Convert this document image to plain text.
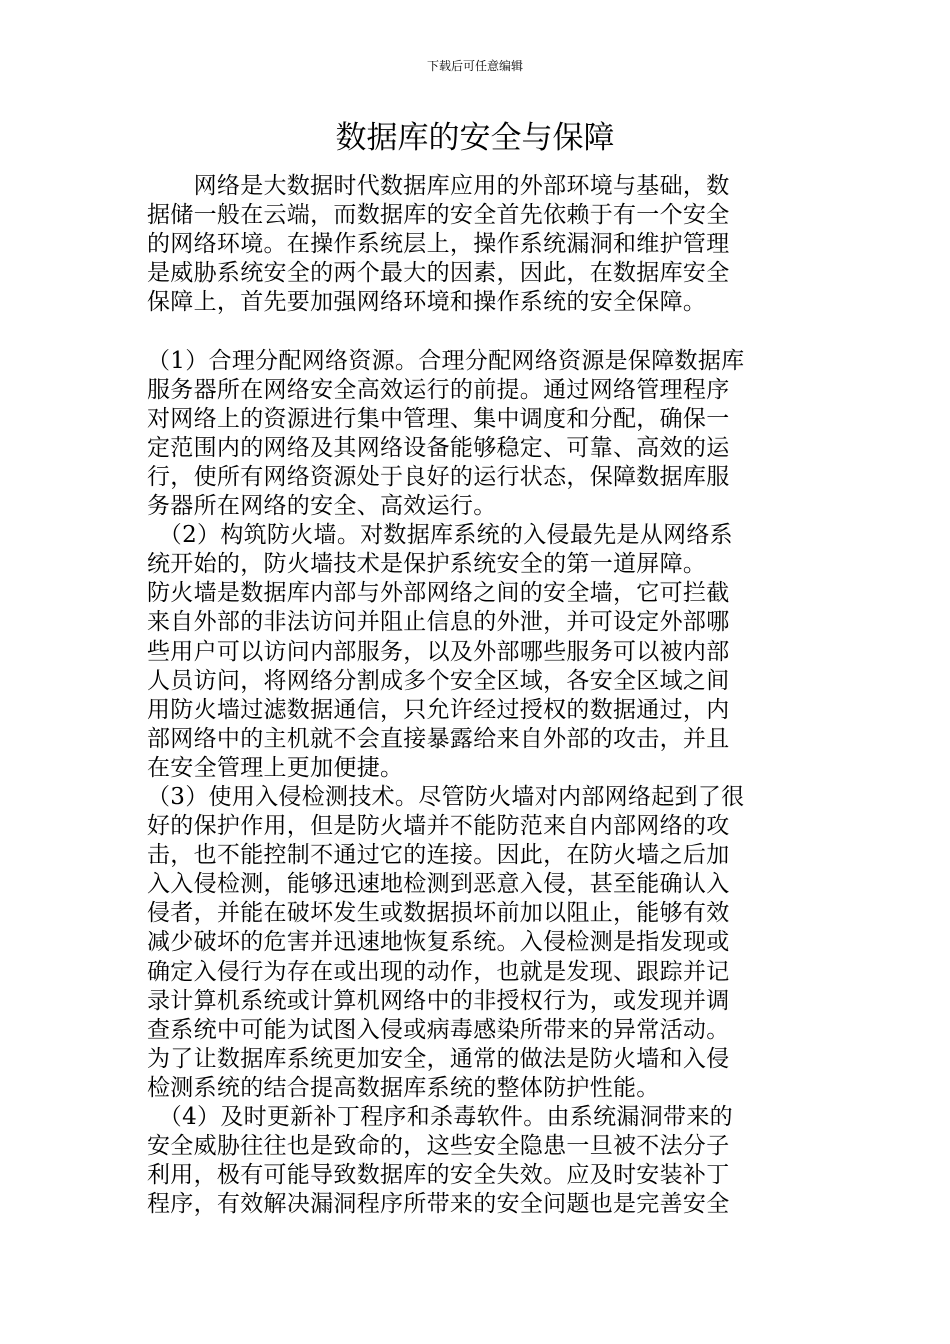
下载后可任意编辑
数据库的安全与保障
　　网络是大数据时代数据库应用的外部环境与基础，数
据储一般在云端，而数据库的安全首先依赖于有一个安全
的网络环境。在操作系统层上，操作系统漏洞和维护管理
是威胁系统安全的两个最大的因素，因此，在数据库安全
保障上，首先要加强网络环境和操作系统的安全保障。
（1）合理分配网络资源。合理分配网络资源是保障数据库
服务器所在网络安全高效运行的前提。通过网络管理程序
对网络上的资源进行集中管理、集中调度和分配，确保一
定范围内的网络及其网络设备能够稳定、可靠、高效的运
行，使所有网络资源处于良好的运行状态，保障数据库服
务器所在网络的安全、高效运行。
　（2）构筑防火墙。对数据库系统的入侵最先是从网络系
统开始的，防火墙技术是保护系统安全的第一道屏障。
防火墙是数据库内部与外部网络之间的安全墙，它可拦截
来自外部的非法访问并阻止信息的外泄，并可设定外部哪
些用户可以访问内部服务，以及外部哪些服务可以被内部
人员访问，将网络分割成多个安全区域，各安全区域之间
用防火墙过滤数据通信，只允许经过授权的数据通过，内
部网络中的主机就不会直接暴露给来自外部的攻击，并且
在安全管理上更加便捷。
（3）使用入侵检测技术。尽管防火墙对内部网络起到了很
好的保护作用，但是防火墙并不能防范来自内部网络的攻
击，也不能控制不通过它的连接。因此，在防火墙之后加
入入侵检测，能够迅速地检测到恶意入侵，甚至能确认入
侵者，并能在破坏发生或数据损坏前加以阻止，能够有效
减少破坏的危害并迅速地恢复系统。入侵检测是指发现或
确定入侵行为存在或出现的动作，也就是发现、跟踪并记
录计算机系统或计算机网络中的非授权行为，或发现并调
查系统中可能为试图入侵或病毒感染所带来的异常活动。
为了让数据库系统更加安全，通常的做法是防火墙和入侵
检测系统的结合提高数据库系统的整体防护性能。
　（4）及时更新补丁程序和杀毒软件。由系统漏洞带来的
安全威胁往往也是致命的，这些安全隐患一旦被不法分子
利用，极有可能导致数据库的安全失效。应及时安装补丁
程序，有效解决漏洞程序所带来的安全问题也是完善安全
